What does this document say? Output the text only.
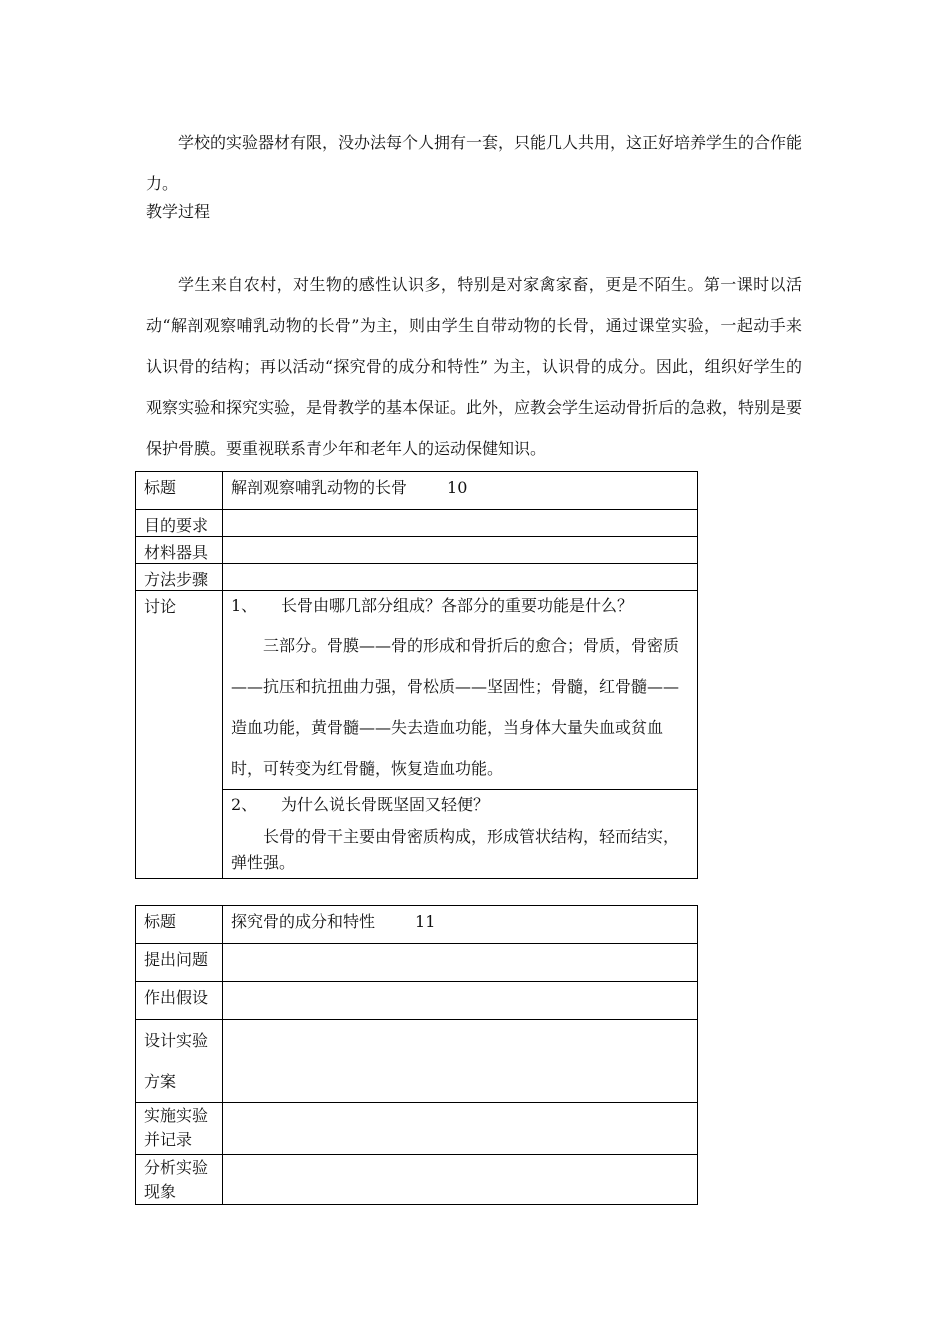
学校的实验器材有限，没办法每个人拥有一套，只能几人共用，这正好培养学生的合作能力。

教学过程

学生来自农村，对生物的感性认识多，特别是对家禽家畜，更是不陌生。第一课时以活动“解剖观察哺乳动物的长骨”为主，则由学生自带动物的长骨，通过课堂实验，一起动手来认识骨的结构；再以活动“探究骨的成分和特性” 为主，认识骨的成分。因此，组织好学生的观察实验和探究实验，是骨教学的基本保证。此外，应教会学生运动骨折后的急救，特别是要保护骨膜。要重视联系青少年和老年人的运动保健知识。

标题	解剖观察哺乳动物的长骨 10
目的要求	
材料器具	
方法步骤	
讨论	1、 长骨由哪几部分组成？各部分的重要功能是什么？

三部分。骨膜——骨的形成和骨折后的愈合；骨质，骨密质——抗压和抗扭曲力强，骨松质——坚固性；骨髓，红骨髓——造血功能，黄骨髓——失去造血功能，当身体大量失血或贫血时，可转变为红骨髓，恢复造血功能。

	2、 为什么说长骨既坚固又轻便？

长骨的骨干主要由骨密质构成，形成管状结构，轻而结实，弹性强。

标题	探究骨的成分和特性 11
提出问题	
作出假设	

设计实验
方案	

实施实验
并记录	

分析实验
现象	
